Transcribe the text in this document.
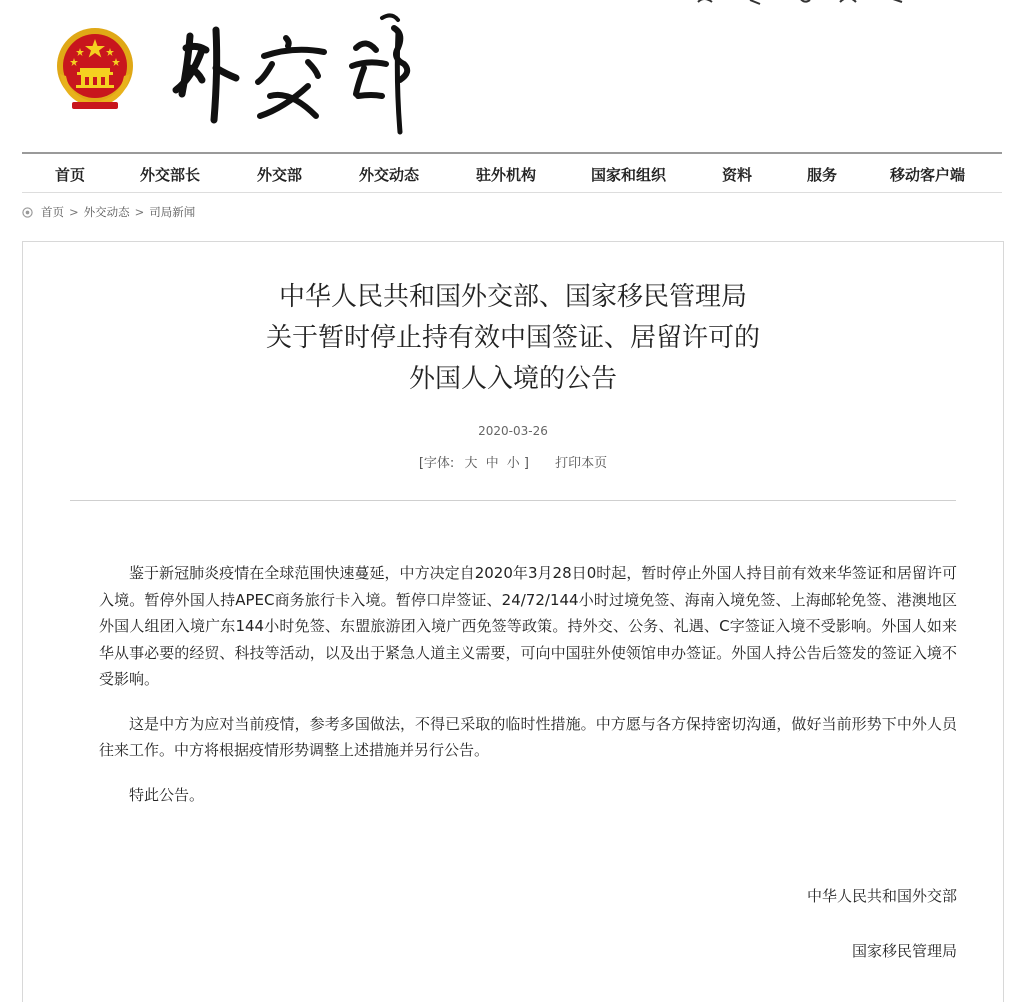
首页	外交部长	外交部	外交动态	驻外机构	国家和组织	资料	服务	移动客户端
首页 > 外交动态 > 司局新闻
中华人民共和国外交部、国家移民管理局
关于暂时停止持有效中国签证、居留许可的
外国人入境的公告
2020-03-26
[字体: 大 中 小 ] 打印本页

鉴于新冠肺炎疫情在全球范围快速蔓延，中方决定自2020年3月28日0时起，暂时停止外国人持目前有效来华签证和居留许可入境。暂停外国人持APEC商务旅行卡入境。暂停口岸签证、24/72/144小时过境免签、海南入境免签、上海邮轮免签、港澳地区外国人组团入境广东144小时免签、东盟旅游团入境广西免签等政策。持外交、公务、礼遇、C字签证入境不受影响。外国人如来华从事必要的经贸、科技等活动，以及出于紧急人道主义需要，可向中国驻外使领馆申办签证。外国人持公告后签发的签证入境不受影响。

这是中方为应对当前疫情，参考多国做法，不得已采取的临时性措施。中方愿与各方保持密切沟通，做好当前形势下中外人员往来工作。中方将根据疫情形势调整上述措施并另行公告。

特此公告。

中华人民共和国外交部
国家移民管理局
